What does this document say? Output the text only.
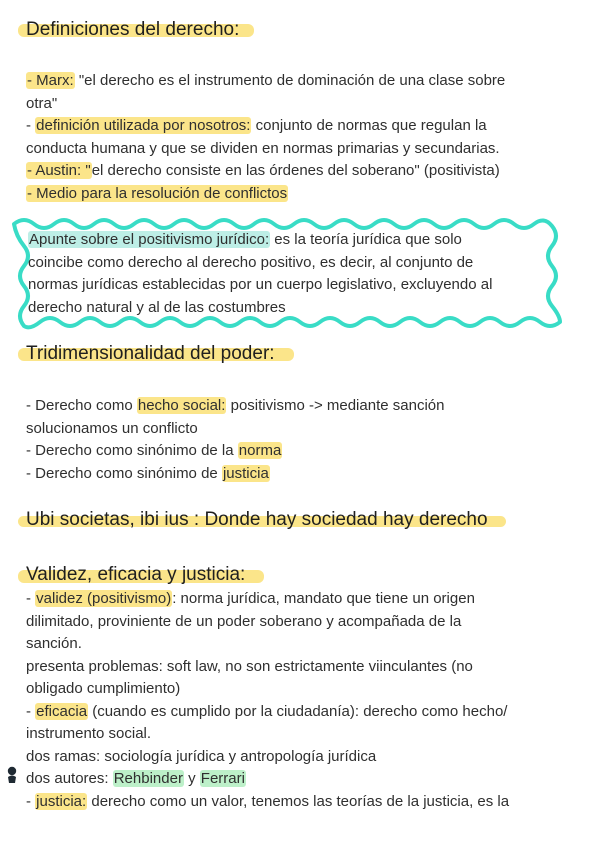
Definiciones del derecho:
- Marx: "el derecho es el instrumento de dominación de una clase sobre
otra"
- definición utilizada por nosotros: conjunto de normas que regulan la
conducta humana y que se dividen en normas primarias y secundarias.
- Austin: "el derecho consiste en las órdenes del soberano" (positivista)
- Medio para la resolución de conflictos
Apunte sobre el positivismo jurídico: es la teoría jurídica que solo
coincibe como derecho al derecho positivo, es decir, al conjunto de
normas jurídicas establecidas por un cuerpo legislativo, excluyendo al
derecho natural y al de las costumbres
Tridimensionalidad del poder:
- Derecho como hecho social: positivismo -> mediante sanción
solucionamos un conflicto
- Derecho como sinónimo de la norma
- Derecho como sinónimo de justicia
Ubi societas, ibi ius : Donde hay sociedad hay derecho
Validez, eficacia y justicia:
- validez (positivismo): norma jurídica, mandato que tiene un origen
dilimitado, proviniente de un poder soberano y acompañada de la
sanción.
presenta problemas: soft law, no son estrictamente viinculantes (no
obligado cumplimiento)
- eficacia (cuando es cumplido por la ciudadanía): derecho como hecho/
instrumento social.
dos ramas: sociología jurídica y antropología jurídica
dos autores: Rehbinder y Ferrari
- justicia: derecho como un valor, tenemos las teorías de la justicia, es la
